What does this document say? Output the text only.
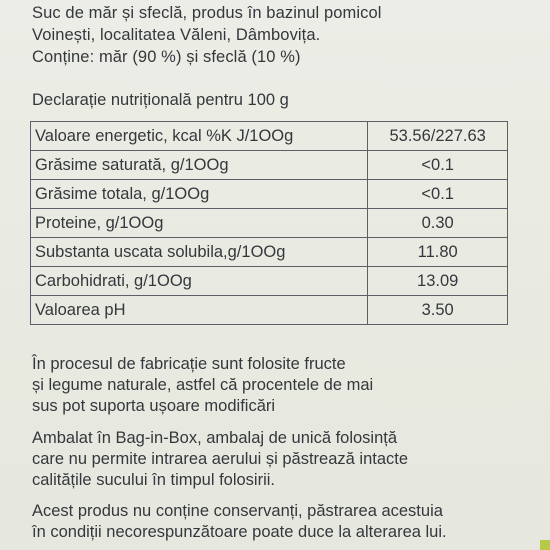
Suc de măr și sfeclă, produs în bazinul pomicol
Voinești, localitatea Văleni, Dâmbovița.
Conține: măr (90 %) și sfeclă (10 %)
Declarație nutrițională pentru 100 g
Valoare energetic, kcal %K J/1OOg	53.56/227.63
Grăsime saturată, g/1OOg	<0.1
Grăsime totala, g/1OOg	<0.1
Proteine, g/1OOg	0.30
Substanta uscata solubila,g/1OOg	11.80
Carbohidrati, g/1OOg	13.09
Valoarea pH	3.50
În procesul de fabricație sunt folosite fructe
și legume naturale, astfel că procentele de mai
sus pot suporta ușoare modificări
Ambalat în Bag-in-Box, ambalaj de unică folosință
care nu permite intrarea aerului și păstrează intacte
calitățile sucului în timpul folosirii.
Acest produs nu conține conservanți, păstrarea acestuia
în condiții necorespunzătoare poate duce la alterarea lui.
